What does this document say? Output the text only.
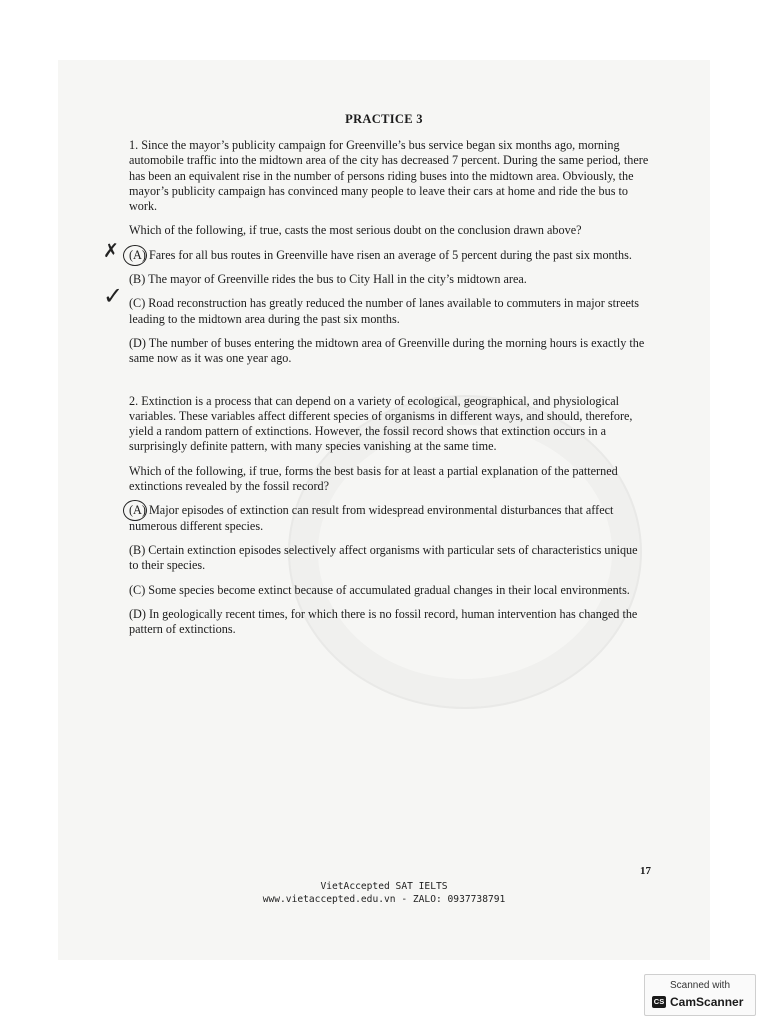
PRACTICE 3

1. Since the mayor’s publicity campaign for Greenville’s bus service began six months ago, morning automobile traffic into the midtown area of the city has decreased 7 percent. During the same period, there has been an equivalent rise in the number of persons riding buses into the midtown area. Obviously, the mayor’s publicity campaign has convinced many people to leave their cars at home and ride the bus to work.

Which of the following, if true, casts the most serious doubt on the conclusion drawn above?

✗ (A) Fares for all bus routes in Greenville have risen an average of 5 percent during the past six months.

(B) The mayor of Greenville rides the bus to City Hall in the city’s midtown area.

✓ (C) Road reconstruction has greatly reduced the number of lanes available to commuters in major streets leading to the midtown area during the past six months.

(D) The number of buses entering the midtown area of Greenville during the morning hours is exactly the same now as it was one year ago.

2. Extinction is a process that can depend on a variety of ecological, geographical, and physiological variables. These variables affect different species of organisms in different ways, and should, therefore, yield a random pattern of extinctions. However, the fossil record shows that extinction occurs in a surprisingly definite pattern, with many species vanishing at the same time.

Which of the following, if true, forms the best basis for at least a partial explanation of the patterned extinctions revealed by the fossil record?

(A) Major episodes of extinction can result from widespread environmental disturbances that affect numerous different species.

(B) Certain extinction episodes selectively affect organisms with particular sets of characteristics unique to their species.

(C) Some species become extinct because of accumulated gradual changes in their local environments.

(D) In geologically recent times, for which there is no fossil record, human intervention has changed the pattern of extinctions.

17
VietAccepted SAT IELTS
www.vietaccepted.edu.vn - ZALO: 0937738791
Scanned with
CS CamScanner
